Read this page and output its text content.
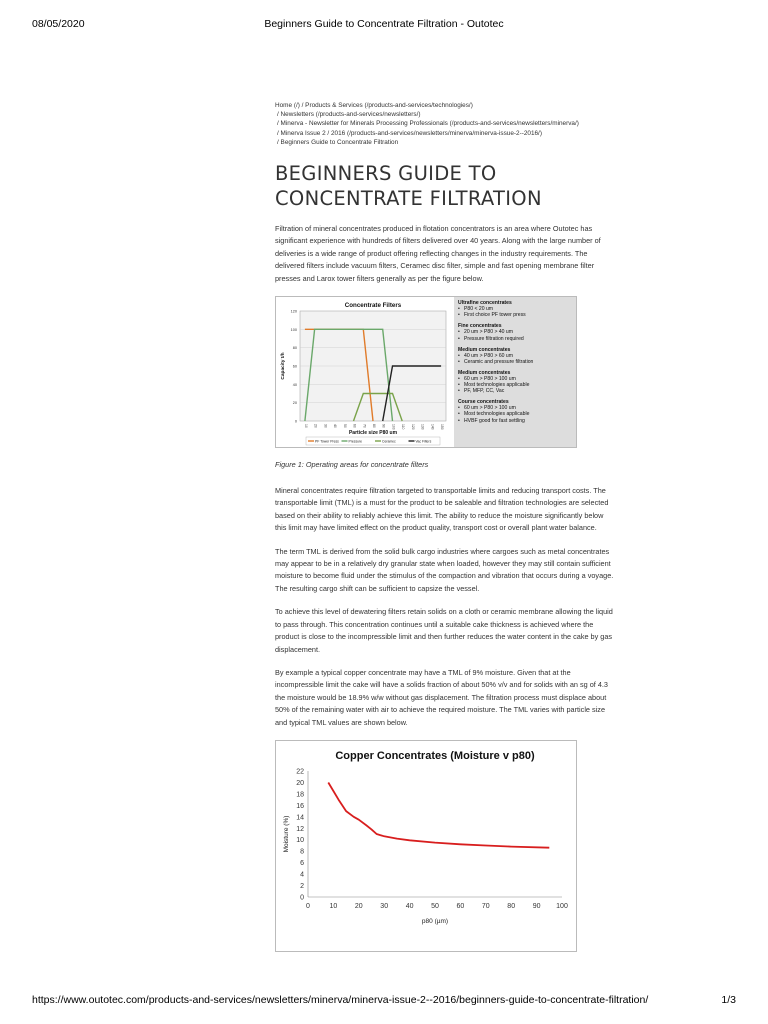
08/05/2020	Beginners Guide to Concentrate Filtration - Outotec
Home (/) / Products & Services (/products-and-services/technologies/)
/ Newsletters (/products-and-services/newsletters/)
/ Minerva - Newsletter for Minerals Processing Professionals (/products-and-services/newsletters/minerva/)
/ Minerva Issue 2 / 2016 (/products-and-services/newsletters/minerva/minerva-issue-2--2016/)
/ Beginners Guide to Concentrate Filtration
BEGINNERS GUIDE TO
CONCENTRATE FILTRATION

Filtration of mineral concentrates produced in flotation concentrators is an area where Outotec has significant experience with hundreds of filters delivered over 40 years. Along with the large number of deliveries is a wide range of product offering reflecting changes in the industry requirements. The delivered filters include vacuum filters, Ceramec disc filter, simple and fast opening membrane filter presses and Larox tower filters generally as per the figure below.

Concentrate Filters
0
20
40
60
80
100
120
10 20 30 40 50 60 70 80 90 100 110 120 130 140 150
Capacity t/h
Particle size P80 um
PF Tower Press	Pressure	Ceramec	Vac Filters
Ultrafine concentrates
• P80 < 20 um
• First choice PF tower press
Fine concentrates
• 20 um > P80 > 40 um
• Pressure filtration required
Medium concentrates
• 40 um > P80 > 60 um
• Ceramic and pressure filtration
Medium concentrates
• 60 um > P80 > 100 um
• Most technologies applicable
• PF, MFP, CC, Vac
Course concentrates
• 60 um > P80 > 100 um
• Most technologies applicable
• HVBF good for fast settling
Figure 1: Operating areas for concentrate filters

Mineral concentrates require filtration targeted to transportable limits and reducing transport costs. The transportable limit (TML) is a must for the product to be saleable and filtration technologies are selected based on their ability to reliably achieve this limit. The ability to reduce the moisture significantly below this limit may have limited effect on the product quality, transport cost or overall plant water balance.

The term TML is derived from the solid bulk cargo industries where cargoes such as metal concentrates may appear to be in a relatively dry granular state when loaded, however they may still contain sufficient moisture to become fluid under the stimulus of the compaction and vibration that occurs during a voyage. The resulting cargo shift can be sufficient to capsize the vessel.

To achieve this level of dewatering filters retain solids on a cloth or ceramic membrane allowing the liquid to pass through. This concentration continues until a suitable cake thickness is achieved where the product is close to the incompressible limit and then further reduces the water content in the cake by gas displacement.

By example a typical copper concentrate may have a TML of 9% moisture. Given that at the incompressible limit the cake will have a solids fraction of about 50% v/v and for solids with an sg of 4.3 the moisture would be 18.9% w/w without gas displacement. The filtration process must displace about 50% of the remaining water with air to achieve the required moisture. The TML varies with particle size and typical TML values are shown below.

Copper Concentrates (Moisture v p80)
0
2
4
6
8
10
12
14
16
18
20
22
0	10	20	30	40	50	60	70	80	90 100
Moisture (%)
p80 (µm)
https://www.outotec.com/products-and-services/newsletters/minerva/minerva-issue-2--2016/beginners-guide-to-concentrate-filtration/	1/3
